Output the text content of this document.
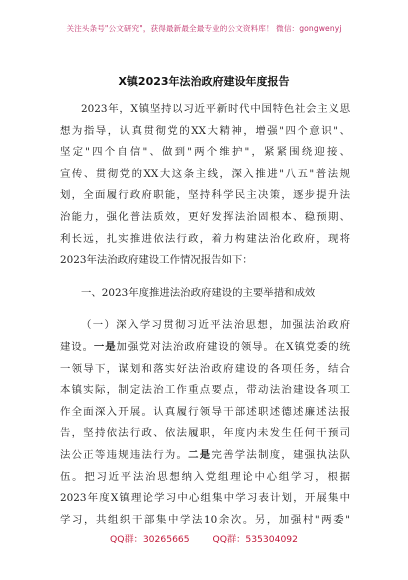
关注头条号"公文研究"，获得最新最全最专业的公文资料库！ 微信：gongwenyj
X镇2023年法治政府建设年度报告
2023年，X镇坚持以习近平新时代中国特色社会主义思
想为指导，认真贯彻党的XX大精神，增强"四个意识"、
坚定"四个自信"、做到"两个维护"，紧紧围绕迎接、
宣传、贯彻党的XX大这条主线，深入推进"八五"普法规
划，全面履行政府职能，坚持科学民主决策，逐步提升法
治能力，强化普法质效，更好发挥法治固根本、稳预期、
利长远，扎实推进依法行政，着力构建法治化政府，现将
2023年法治政府建设工作情况报告如下：
一、2023年度推进法治政府建设的主要举措和成效
（一）深入学习贯彻习近平法治思想，加强法治政府
建设。一是加强党对法治政府建设的领导。在X镇党委的统
一领导下，谋划和落实好法治政府建设的各项任务，结合
本镇实际，制定法治工作重点要点，带动法治建设各项工
作全面深入开展。认真履行领导干部述职述德述廉述法报
告，坚持依法行政、依法履职，年度内未发生任何干预司
法公正等违规违法行为。二是完善学法制度，建强执法队
伍。把习近平法治思想纳入党组理论中心组学习，根据
2023年度X镇理论学习中心组集中学习表计划，开展集中
学习，共组织干部集中学法10余次。另，加强村"两委"
QQ群：30265665 QQ群：535304092
